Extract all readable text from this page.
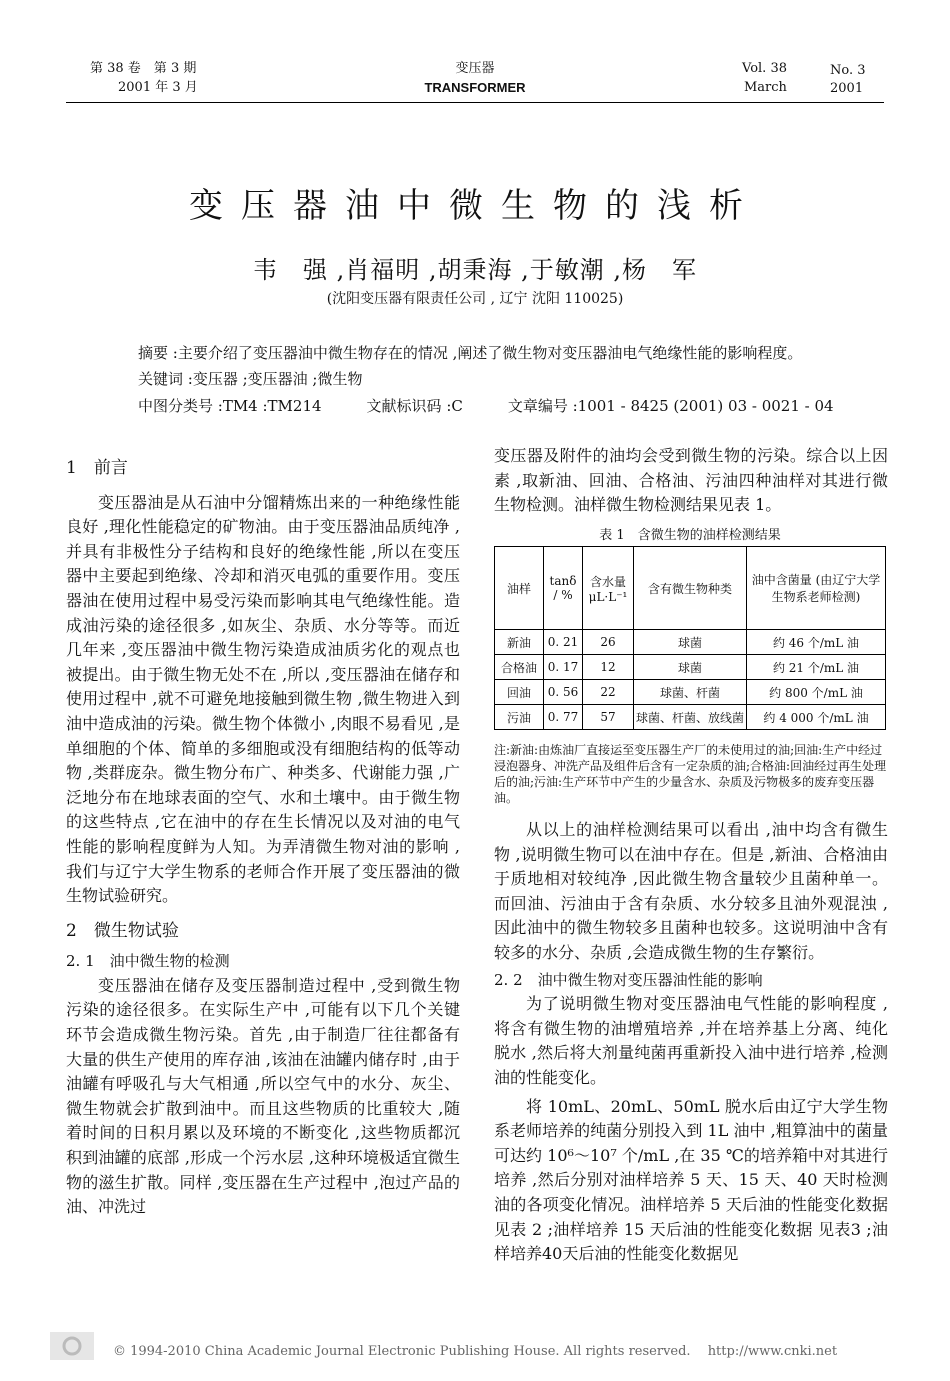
第 38 卷　第 3 期
2001 年 3 月
变压器
TRANSFORMER
Vol. 38
March
No. 3
2001
变压器油中微生物的浅析
韦　强 ,肖福明 ,胡秉海 ,于敏潮 ,杨　军
(沈阳变压器有限责任公司 , 辽宁 沈阳 110025)
摘要 :主要介绍了变压器油中微生物存在的情况 ,阐述了微生物对变压器油电气绝缘性能的影响程度。
关键词 :变压器 ;变压器油 ;微生物
中图分类号 :TM4 :TM214　　　文献标识码 :C　　　文章编号 :1001 - 8425 (2001) 03 - 0021 - 04
1　前言

变压器油是从石油中分馏精炼出来的一种绝缘性能良好 ,理化性能稳定的矿物油。由于变压器油品质纯净 ,并具有非极性分子结构和良好的绝缘性能 ,所以在变压器中主要起到绝缘、冷却和消灭电弧的重要作用。变压器油在使用过程中易受污染而影响其电气绝缘性能。造成油污染的途径很多 ,如灰尘、杂质、水分等等。而近几年来 ,变压器油中微生物污染造成油质劣化的观点也被提出。由于微生物无处不在 ,所以 ,变压器油在储存和使用过程中 ,就不可避免地接触到微生物 ,微生物进入到油中造成油的污染。微生物个体微小 ,肉眼不易看见 ,是单细胞的个体、简单的多细胞或没有细胞结构的低等动物 ,类群庞杂。微生物分布广、种类多、代谢能力强 ,广泛地分布在地球表面的空气、水和土壤中。由于微生物的这些特点 ,它在油中的存在生长情况以及对油的电气性能的影响程度鲜为人知。为弄清微生物对油的影响 ,我们与辽宁大学生物系的老师合作开展了变压器油的微生物试验研究。

2　微生物试验
2. 1　油中微生物的检测

变压器油在储存及变压器制造过程中 ,受到微生物污染的途径很多。在实际生产中 ,可能有以下几个关键环节会造成微生物污染。首先 ,由于制造厂往往都备有大量的供生产使用的库存油 ,该油在油罐内储存时 ,由于油罐有呼吸孔与大气相通 ,所以空气中的水分、灰尘、微生物就会扩散到油中。而且这些物质的比重较大 ,随着时间的日积月累以及环境的不断变化 ,这些物质都沉积到油罐的底部 ,形成一个污水层 ,这种环境极适宜微生物的滋生扩散。同样 ,变压器在生产过程中 ,泡过产品的油、冲洗过

变压器及附件的油均会受到微生物的污染。综合以上因素 ,取新油、回油、合格油、污油四种油样对其进行微生物检测。油样微生物检测结果见表 1。

表 1　含微生物的油样检测结果
油样	tanδ / %	含水量 μL·L⁻¹	含有微生物种类	油中含菌量 (由辽宁大学生物系老师检测)
新油	0. 21	26	球菌	约 46 个/mL 油
合格油	0. 17	12	球菌	约 21 个/mL 油
回油	0. 56	22	球菌、杆菌	约 800 个/mL 油
污油	0. 77	57	球菌、杆菌、放线菌	约 4 000 个/mL 油
注:新油:由炼油厂直接运至变压器生产厂的未使用过的油;回油:生产中经过浸泡器身、冲洗产品及组件后含有一定杂质的油;合格油:回油经过再生处理后的油;污油:生产环节中产生的少量含水、杂质及污物极多的废弃变压器油。

从以上的油样检测结果可以看出 ,油中均含有微生物 ,说明微生物可以在油中存在。但是 ,新油、合格油由于质地相对较纯净 ,因此微生物含量较少且菌种单一。而回油、污油由于含有杂质、水分较多且油外观混浊 ,因此油中的微生物较多且菌种也较多。这说明油中含有较多的水分、杂质 ,会造成微生物的生存繁衍。

2. 2　油中微生物对变压器油性能的影响

为了说明微生物对变压器油电气性能的影响程度 ,将含有微生物的油增殖培养 ,并在培养基上分离、纯化脱水 ,然后将大剂量纯菌再重新投入油中进行培养 ,检测油的性能变化。

将 10mL、20mL、50mL 脱水后由辽宁大学生物系老师培养的纯菌分别投入到 1L 油中 ,粗算油中的菌量可达约 10⁶～10⁷ 个/mL ,在 35 ℃的培养箱中对其进行培养 ,然后分别对油样培养 5 天、15 天、40 天时检测油的各项变化情况。油样培养 5 天后油的性能变化数据见表 2 ;油样培养 15 天后油的性能变化数据 见表3 ;油样培养40天后油的性能变化数据见

© 1994-2010 China Academic Journal Electronic Publishing House. All rights reserved.　 http://www.cnki.net
